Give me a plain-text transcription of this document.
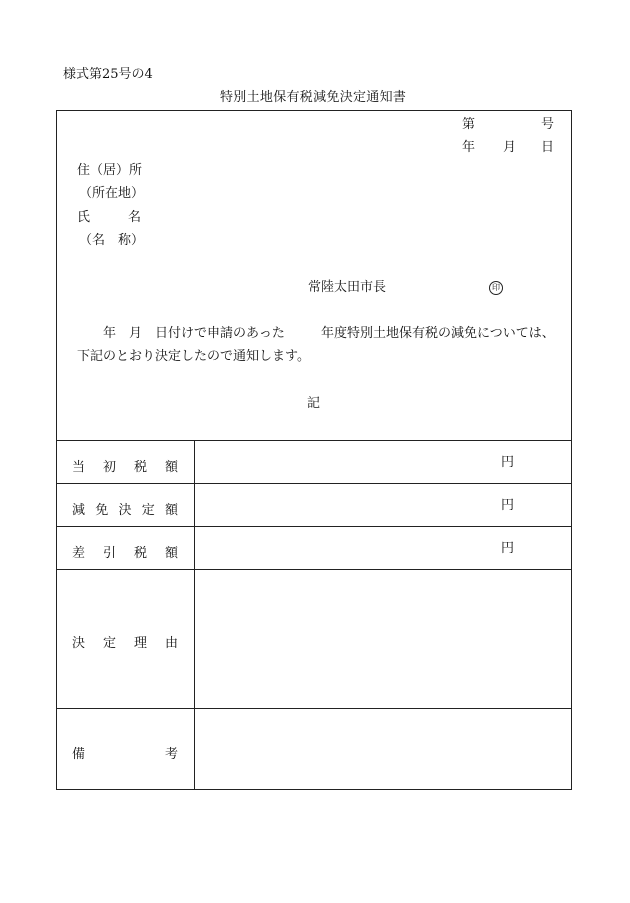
様式第25号の4
特別土地保有税減免決定通知書
第	号
年 月 日
住（居）所
（所在地）
氏	名
（名　称）
常陸太田市長	印
年 月 日付けで申請のあった	年度特別土地保有税の減免については、
下記のとおり決定したので通知します。
記
当 初 税 額	円
減 免 決 定 額	円
差 引 税 額	円
決 定 理 由
備	考
